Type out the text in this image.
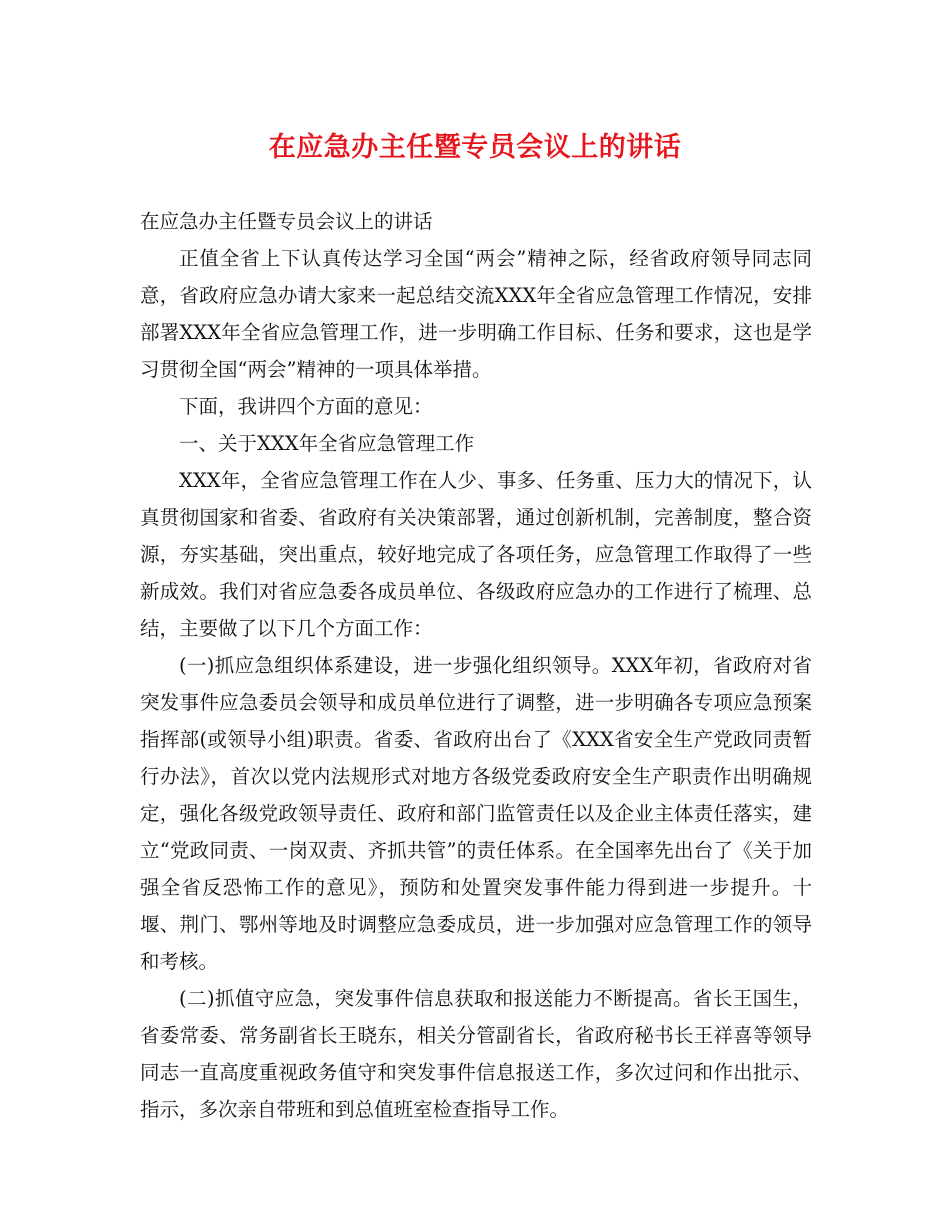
在应急办主任暨专员会议上的讲话

在应急办主任暨专员会议上的讲话

正值全省上下认真传达学习全国“两会”精神之际，经省政府领导同志同意，省政府应急办请大家来一起总结交流XXX年全省应急管理工作情况，安排部署XXX年全省应急管理工作，进一步明确工作目标、任务和要求，这也是学习贯彻全国“两会”精神的一项具体举措。

下面，我讲四个方面的意见：

一、关于XXX年全省应急管理工作

XXX年，全省应急管理工作在人少、事多、任务重、压力大的情况下，认真贯彻国家和省委、省政府有关决策部署，通过创新机制，完善制度，整合资源，夯实基础，突出重点，较好地完成了各项任务，应急管理工作取得了一些新成效。我们对省应急委各成员单位、各级政府应急办的工作进行了梳理、总结，主要做了以下几个方面工作：

(一)抓应急组织体系建设，进一步强化组织领导。XXX年初，省政府对省突发事件应急委员会领导和成员单位进行了调整，进一步明确各专项应急预案指挥部(或领导小组)职责。省委、省政府出台了《XXX省安全生产党政同责暂行办法》，首次以党内法规形式对地方各级党委政府安全生产职责作出明确规定，强化各级党政领导责任、政府和部门监管责任以及企业主体责任落实，建立“党政同责、一岗双责、齐抓共管”的责任体系。在全国率先出台了《关于加强全省反恐怖工作的意见》，预防和处置突发事件能力得到进一步提升。十堰、荆门、鄂州等地及时调整应急委成员，进一步加强对应急管理工作的领导和考核。

(二)抓值守应急，突发事件信息获取和报送能力不断提高。省长王国生，省委常委、常务副省长王晓东，相关分管副省长，省政府秘书长王祥喜等领导同志一直高度重视政务值守和突发事件信息报送工作，多次过问和作出批示、指示，多次亲自带班和到总值班室检查指导工作。
